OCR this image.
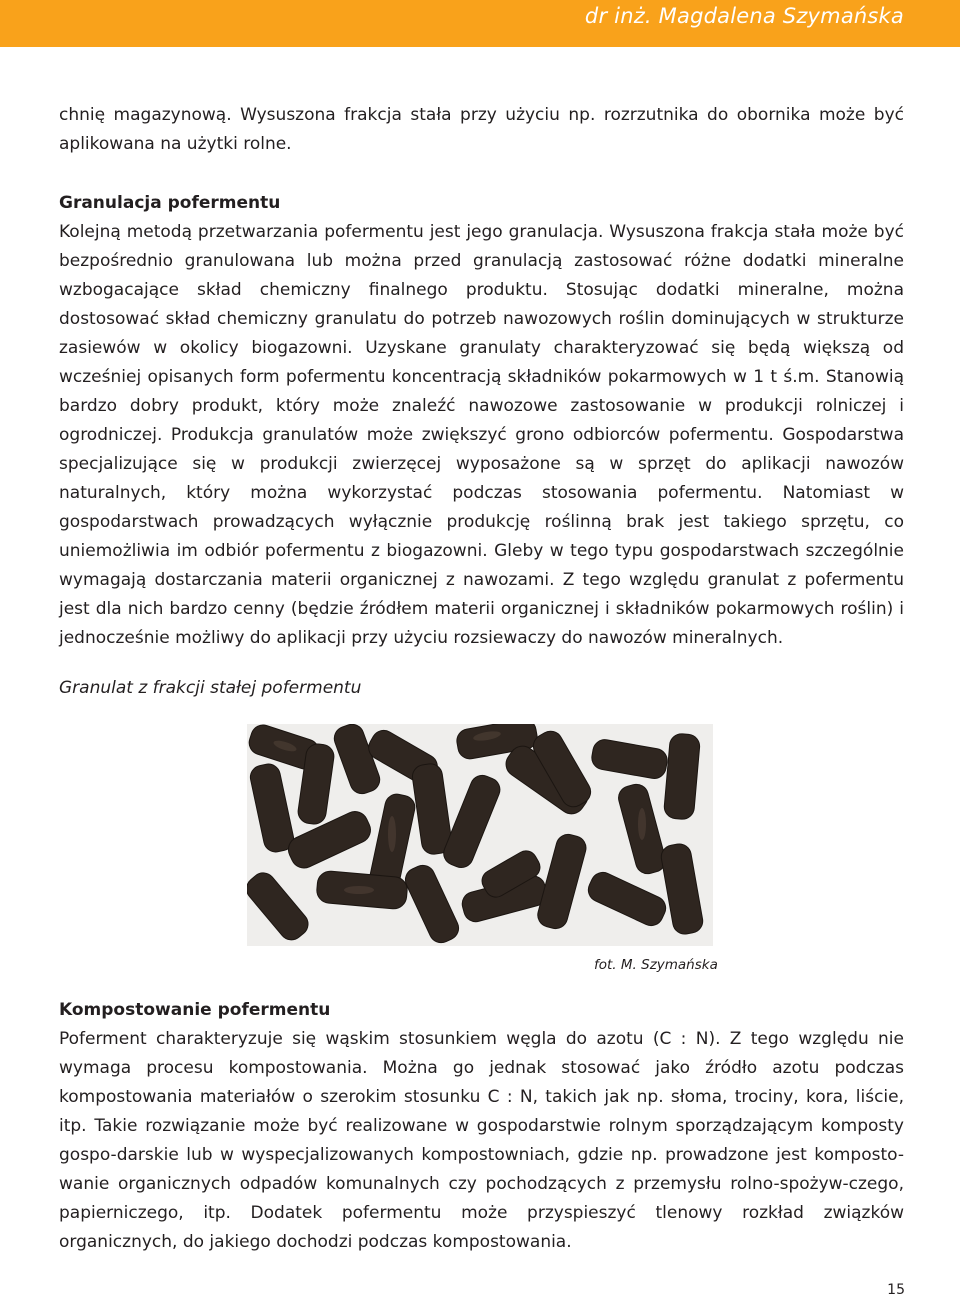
dr inż. Magdalena Szymańska
chnię magazynową. Wysuszona frakcja stała przy użyciu np. rozrzutnika do obornika może być aplikowana na użytki rolne.
Granulacja pofermentu
Kolejną metodą przetwarzania pofermentu jest jego granulacja. Wysuszona frakcja stała może być bezpośrednio granulowana lub można przed granulacją zastosować różne dodatki mineralne wzbogacające skład chemiczny finalnego produktu. Stosując dodatki mineralne, można dostosować skład chemiczny granulatu do potrzeb nawozowych roślin dominujących w strukturze zasiewów w okolicy biogazowni. Uzyskane granulaty charakteryzować się będą większą od wcześniej opisanych form pofermentu koncentracją składników pokarmowych w 1 t ś.m. Stanowią bardzo dobry produkt, który może znaleźć nawozowe zastosowanie w produkcji rolniczej i ogrodniczej. Produkcja granulatów może zwiększyć grono odbiorców pofermentu. Gospodarstwa specjalizujące się w produkcji zwierzęcej wyposażone są w sprzęt do aplikacji nawozów naturalnych, który można wykorzystać podczas stosowania pofermentu. Natomiast w gospodarstwach prowadzących wyłącznie produkcję roślinną brak jest takiego sprzętu, co uniemożliwia im odbiór pofermentu z biogazowni. Gleby w tego typu gospodarstwach szczególnie wymagają dostarczania materii organicznej z nawozami. Z tego względu granulat z pofermentu jest dla nich bardzo cenny (będzie źródłem materii organicznej i składników pokarmowych roślin) i jednocześnie możliwy do aplikacji przy użyciu rozsiewaczy do nawozów mineralnych.
Granulat z frakcji stałej pofermentu
fot. M. Szymańska
Kompostowanie pofermentu
Poferment charakteryzuje się wąskim stosunkiem węgla do azotu (C : N). Z tego względu nie wymaga procesu kompostowania. Można go jednak stosować jako źródło azotu podczas kompostowania materiałów o szerokim stosunku C : N, takich jak np. słoma, trociny, kora, liście, itp. Takie rozwiązanie może być realizowane w gospodarstwie rolnym sporządzającym komposty gospo-darskie lub w wyspecjalizowanych kompostowniach, gdzie np. prowadzone jest komposto-wanie organicznych odpadów komunalnych czy pochodzących z przemysłu rolno-spożyw-czego, papierniczego, itp. Dodatek pofermentu może przyspieszyć tlenowy rozkład związków organicznych, do jakiego dochodzi podczas kompostowania.
15
